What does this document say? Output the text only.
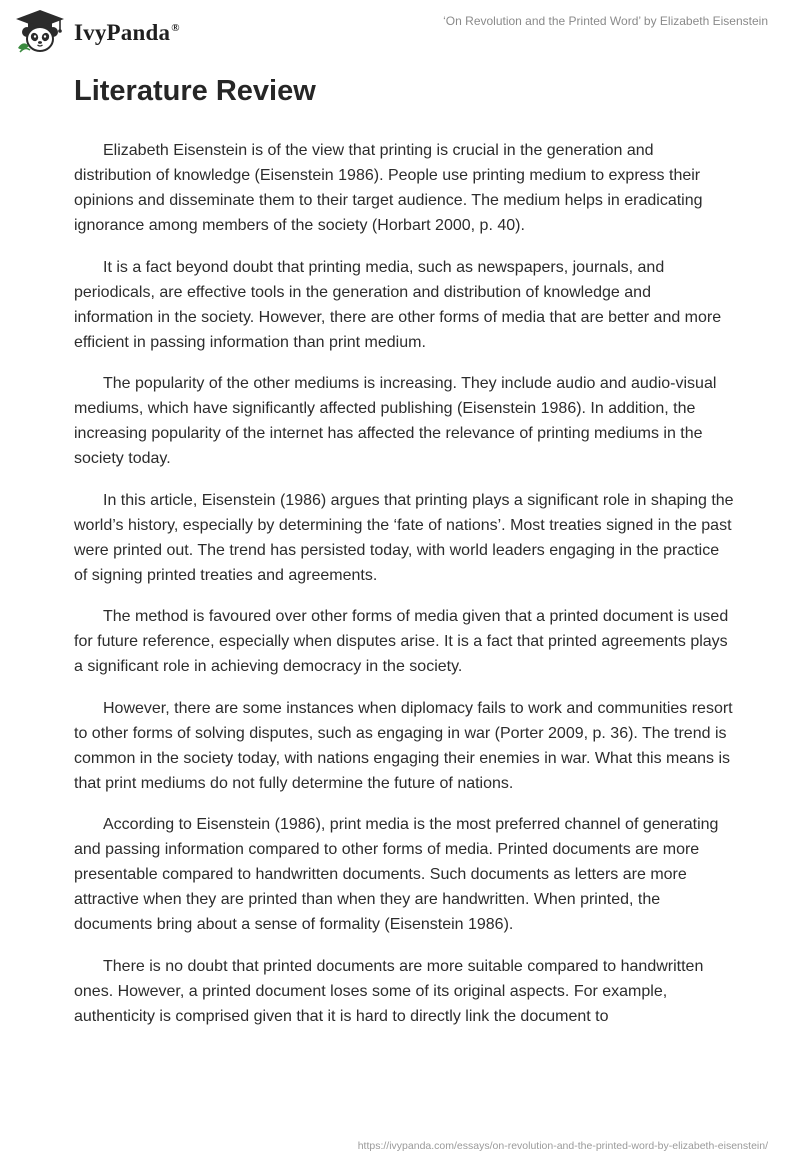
IvyPanda®
‘On Revolution and the Printed Word’ by Elizabeth Eisenstein
Literature Review

Elizabeth Eisenstein is of the view that printing is crucial in the generation and distribution of knowledge (Eisenstein 1986). People use printing medium to express their opinions and disseminate them to their target audience. The medium helps in eradicating ignorance among members of the society (Horbart 2000, p. 40).

It is a fact beyond doubt that printing media, such as newspapers, journals, and periodicals, are effective tools in the generation and distribution of knowledge and information in the society. However, there are other forms of media that are better and more efficient in passing information than print medium.

The popularity of the other mediums is increasing. They include audio and audio-visual mediums, which have significantly affected publishing (Eisenstein 1986). In addition, the increasing popularity of the internet has affected the relevance of printing mediums in the society today.

In this article, Eisenstein (1986) argues that printing plays a significant role in shaping the world’s history, especially by determining the ‘fate of nations’. Most treaties signed in the past were printed out. The trend has persisted today, with world leaders engaging in the practice of signing printed treaties and agreements.

The method is favoured over other forms of media given that a printed document is used for future reference, especially when disputes arise. It is a fact that printed agreements plays a significant role in achieving democracy in the society.

However, there are some instances when diplomacy fails to work and communities resort to other forms of solving disputes, such as engaging in war (Porter 2009, p. 36). The trend is common in the society today, with nations engaging their enemies in war. What this means is that print mediums do not fully determine the future of nations.

According to Eisenstein (1986), print media is the most preferred channel of generating and passing information compared to other forms of media. Printed documents are more presentable compared to handwritten documents. Such documents as letters are more attractive when they are printed than when they are handwritten. When printed, the documents bring about a sense of formality (Eisenstein 1986).

There is no doubt that printed documents are more suitable compared to handwritten ones. However, a printed document loses some of its original aspects. For example, authenticity is comprised given that it is hard to directly link the document to

https://ivypanda.com/essays/on-revolution-and-the-printed-word-by-elizabeth-eisenstein/
